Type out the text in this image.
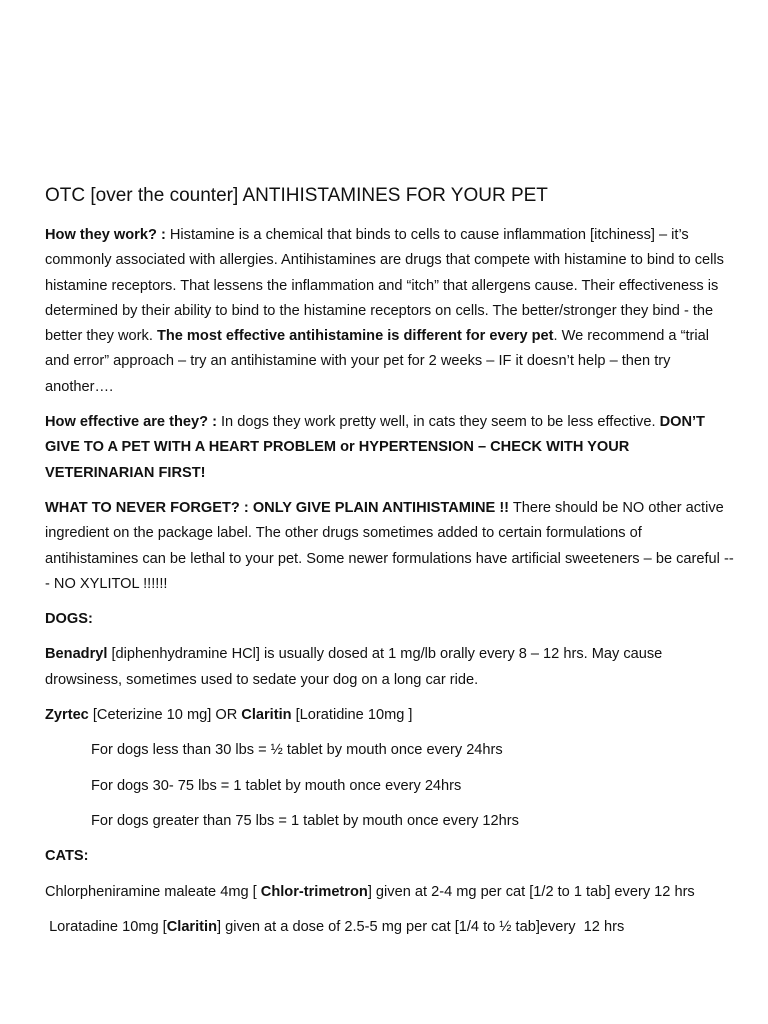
OTC [over the counter] ANTIHISTAMINES FOR YOUR PET

How they work? : Histamine is a chemical that binds to cells to cause inflammation [itchiness] – it’s commonly associated with allergies. Antihistamines are drugs that compete with histamine to bind to cells histamine receptors. That lessens the inflammation and “itch” that allergens cause. Their effectiveness is determined by their ability to bind to the histamine receptors on cells. The better/stronger they bind - the better they work. The most effective antihistamine is different for every pet. We recommend a “trial and error” approach – try an antihistamine with your pet for 2 weeks – IF it doesn’t help – then try another….

How effective are they? : In dogs they work pretty well, in cats they seem to be less effective. DON’T GIVE TO A PET WITH A HEART PROBLEM or HYPERTENSION – CHECK WITH YOUR VETERINARIAN FIRST!

WHAT TO NEVER FORGET? : ONLY GIVE PLAIN ANTIHISTAMINE !! There should be NO other active ingredient on the package label. The other drugs sometimes added to certain formulations of antihistamines can be lethal to your pet. Some newer formulations have artificial sweeteners – be careful --- NO XYLITOL !!!!!!

DOGS:

Benadryl [diphenhydramine HCl] is usually dosed at 1 mg/lb orally every 8 – 12 hrs. May cause drowsiness, sometimes used to sedate your dog on a long car ride.

Zyrtec [Ceterizine 10 mg] OR Claritin [Loratidine 10mg ]

For dogs less than 30 lbs = ½ tablet by mouth once every 24hrs

For dogs 30- 75 lbs = 1 tablet by mouth once every 24hrs

For dogs greater than 75 lbs = 1 tablet by mouth once every 12hrs

CATS:

Chlorpheniramine maleate 4mg [ Chlor-trimetron] given at 2-4 mg per cat [1/2 to 1 tab] every 12 hrs

Loratadine 10mg [Claritin] given at a dose of 2.5-5 mg per cat [1/4 to ½ tab]every  12 hrs
